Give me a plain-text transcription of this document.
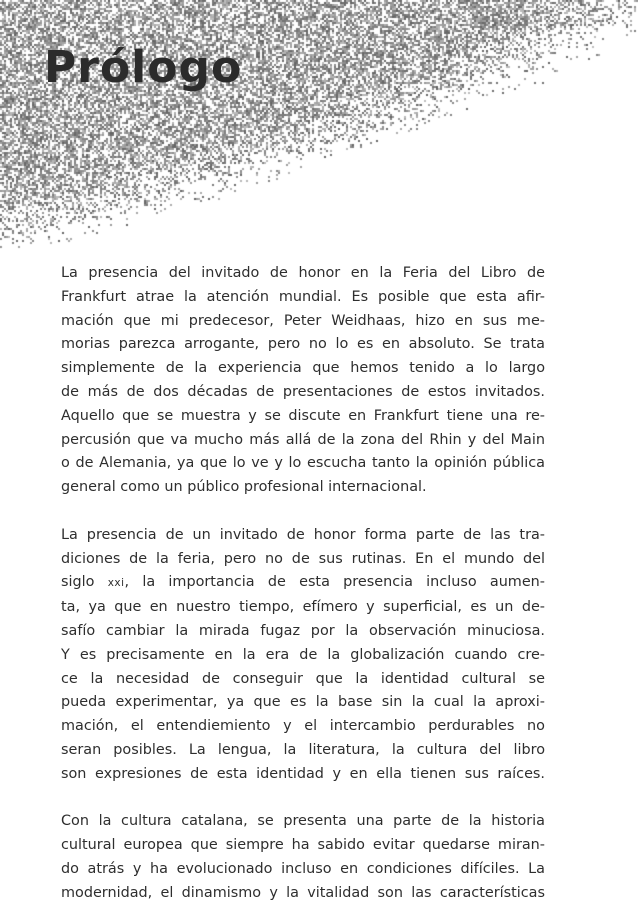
Prólogo

La presencia del invitado de honor en la Feria del Libro de
Frankfurt atrae la atención mundial. Es posible que esta afir-
mación que mi predecesor, Peter Weidhaas, hizo en sus me-
morias parezca arrogante, pero no lo es en absoluto. Se trata
simplemente de la experiencia que hemos tenido a lo largo
de más de dos décadas de presentaciones de estos invitados.
Aquello que se muestra y se discute en Frankfurt tiene una re-
percusión que va mucho más allá de la zona del Rhin y del Main
o de Alemania, ya que lo ve y lo escucha tanto la opinión pública
general como un público profesional internacional.

La presencia de un invitado de honor forma parte de las tra-
diciones de la feria, pero no de sus rutinas. En el mundo del
siglo xxi, la importancia de esta presencia incluso aumen-
ta, ya que en nuestro tiempo, efímero y superficial, es un de-
safío cambiar la mirada fugaz por la observación minuciosa.
Y es precisamente en la era de la globalización cuando cre-
ce la necesidad de conseguir que la identidad cultural se
pueda experimentar, ya que es la base sin la cual la aproxi-
mación, el entendiemiento y el intercambio perdurables no
seran posibles. La lengua, la literatura, la cultura del libro
son expresiones de esta identidad y en ella tienen sus raíces.

Con la cultura catalana, se presenta una parte de la historia
cultural europea que siempre ha sabido evitar quedarse miran-
do atrás y ha evolucionado incluso en condiciones difíciles. La
modernidad, el dinamismo y la vitalidad son las características
